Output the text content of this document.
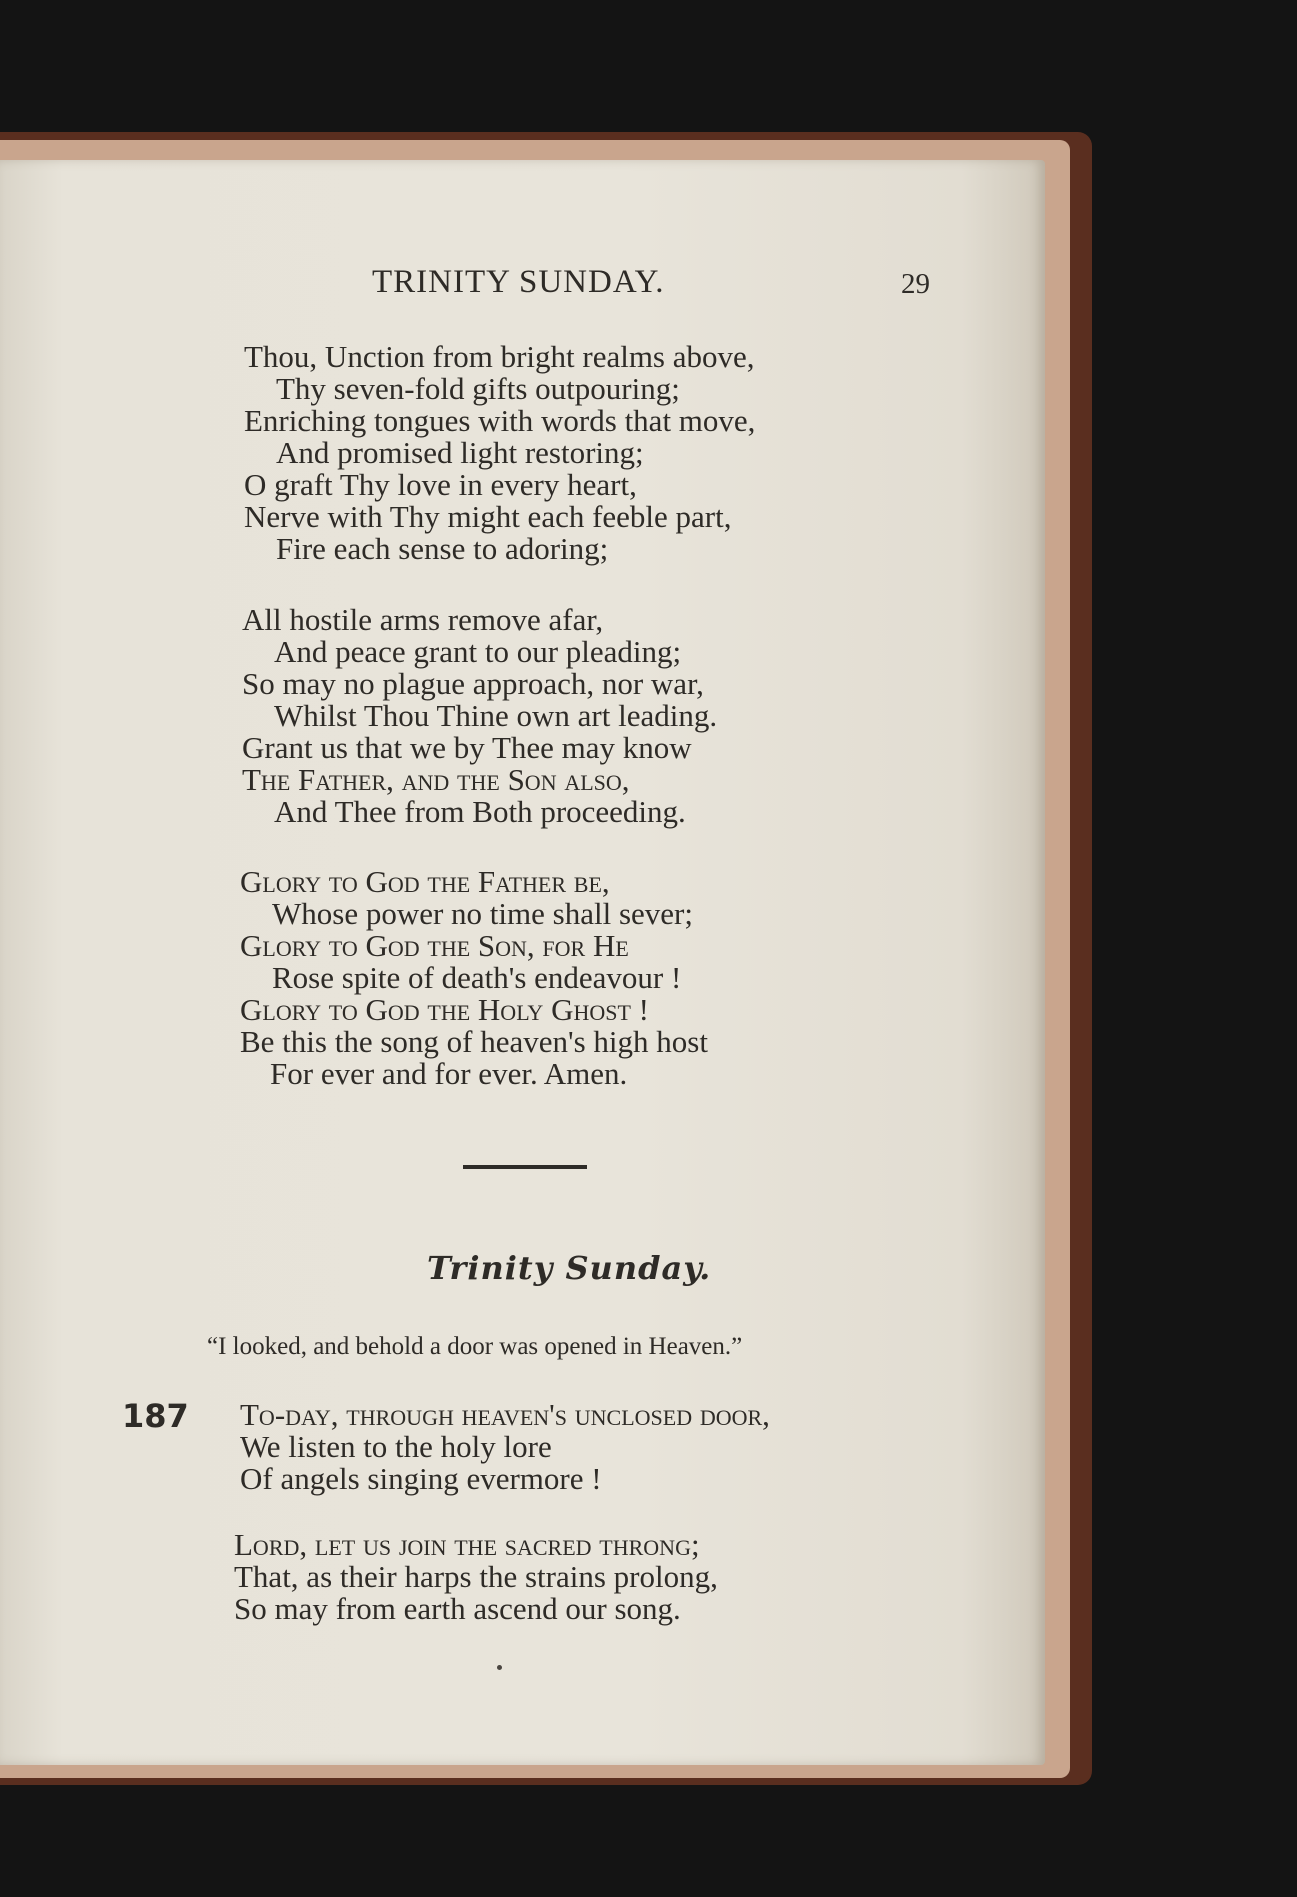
TRINITY SUNDAY.	29
Thou, Unction from bright realms above,
Thy seven-fold gifts outpouring;
Enriching tongues with words that move,
And promised light restoring;
O graft Thy love in every heart,
Nerve with Thy might each feeble part,
Fire each sense to adoring;
All hostile arms remove afar,
And peace grant to our pleading;
So may no plague approach, nor war,
Whilst Thou Thine own art leading.
Grant us that we by Thee may know
The Father, and the Son also,
And Thee from Both proceeding.
Glory to God the Father be,
Whose power no time shall sever;
Glory to God the Son, for He
Rose spite of death's endeavour !
Glory to God the Holy Ghost !
Be this the song of heaven's high host
For ever and for ever. Amen.
Trinity Sunday.
“I looked, and behold a door was opened in Heaven.”
187 To-day, through heaven's unclosed door,
We listen to the holy lore
Of angels singing evermore !
Lord, let us join the sacred throng;
That, as their harps the strains prolong,
So may from earth ascend our song.
